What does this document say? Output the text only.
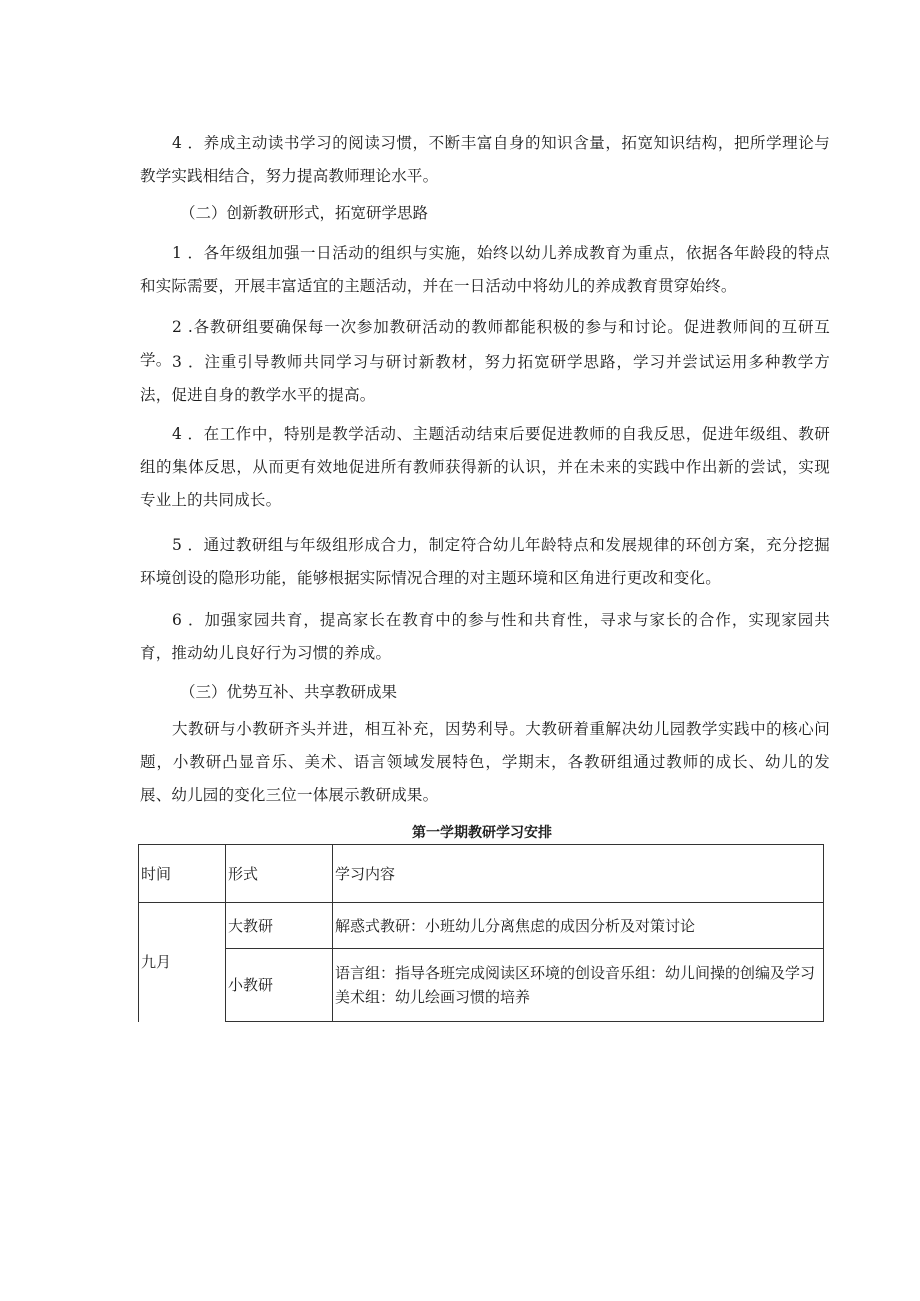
4 ．养成主动读书学习的阅读习惯，不断丰富自身的知识含量，拓宽知识结构，把所学理论与教学实践相结合，努力提高教师理论水平。

（二）创新教研形式，拓宽研学思路

1 ．各年级组加强一日活动的组织与实施，始终以幼儿养成教育为重点，依据各年龄段的特点和实际需要，开展丰富适宜的主题活动，并在一日活动中将幼儿的养成教育贯穿始终。

2 .各教研组要确保每一次参加教研活动的教师都能积极的参与和讨论。促进教师间的互研互学。 3 ．注重引导教师共同学习与研讨新教材，努力拓宽研学思路，学习并尝试运用多种教学方法，促进自身的教学水平的提高。

4 ．在工作中，特别是教学活动、主题活动结束后要促进教师的自我反思，促进年级组、教研组的集体反思，从而更有效地促进所有教师获得新的认识，并在未来的实践中作出新的尝试，实现专业上的共同成长。

5 ．通过教研组与年级组形成合力，制定符合幼儿年龄特点和发展规律的环创方案，充分挖掘环境创设的隐形功能，能够根据实际情况合理的对主题环境和区角进行更改和变化。

6 ．加强家园共育，提高家长在教育中的参与性和共育性，寻求与家长的合作，实现家园共育，推动幼儿良好行为习惯的养成。

（三）优势互补、共享教研成果

大教研与小教研齐头并进，相互补充，因势利导。大教研着重解决幼儿园教学实践中的核心问题，小教研凸显音乐、美术、语言领域发展特色，学期末，各教研组通过教师的成长、幼儿的发展、幼儿园的变化三位一体展示教研成果。

第一学期教研学习安排

时间	形式	学习内容
九月	大教研	解惑式教研：小班幼儿分离焦虑的成因分析及对策讨论
	小教研	语言组：指导各班完成阅读区环境的创设音乐组：幼儿间操的创编及学习美术组：幼儿绘画习惯的培养
